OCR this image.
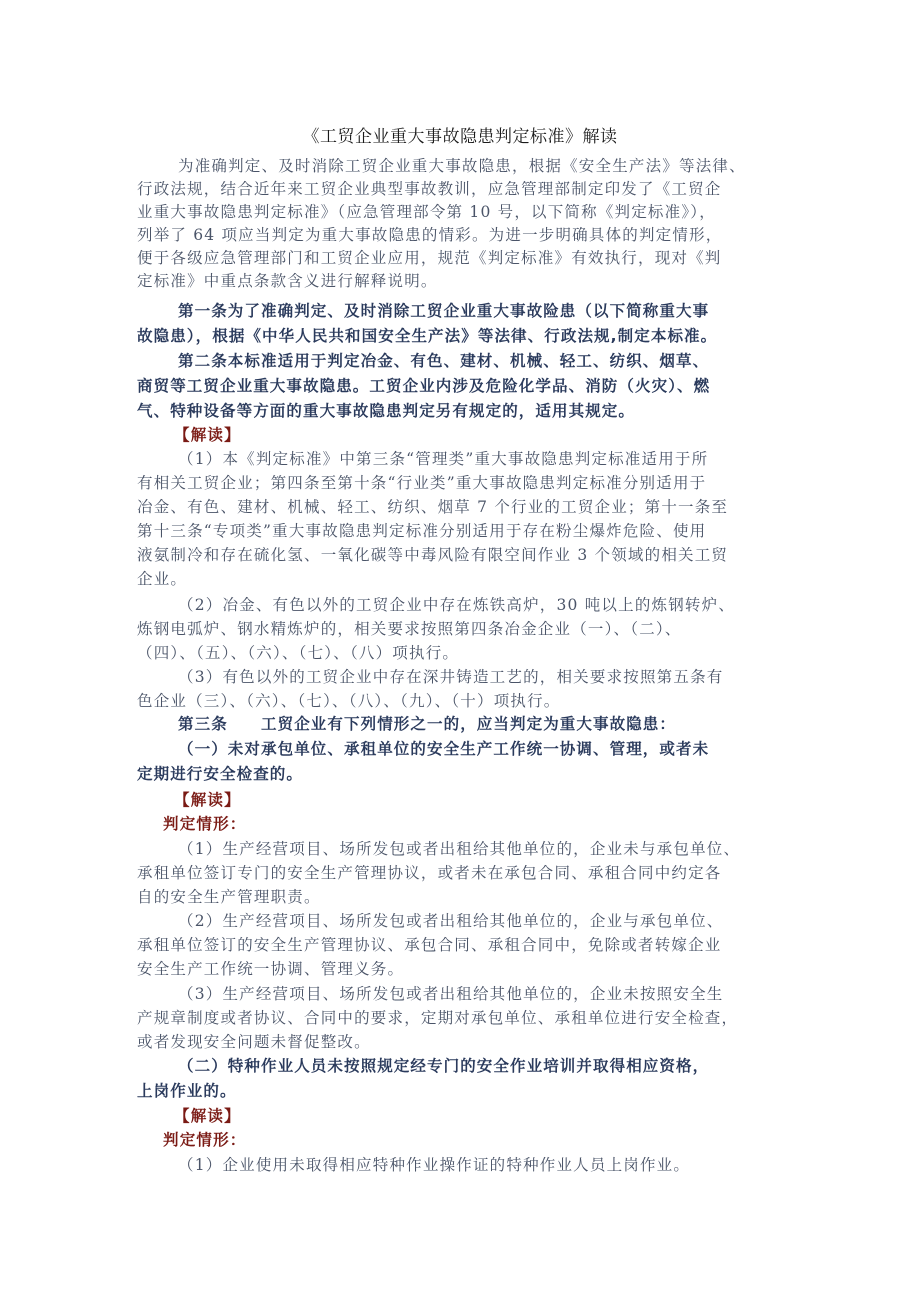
《工贸企业重大事故隐患判定标准》解读
为准确判定、及时消除工贸企业重大事故隐患，根据《安全生产法》等法律、
行政法规，结合近年来工贸企业典型事故教训，应急管理部制定印发了《工贸企
业重大事故隐患判定标准》（应急管理部令第 10 号，以下简称《判定标准》），
列举了 64 项应当判定为重大事故隐患的情彩。为进一步明确具体的判定情形，
便于各级应急管理部门和工贸企业应用，规范《判定标准》有效执行，现对《判
定标准》中重点条款含义进行解释说明。
第一条为了准确判定、及时消除工贸企业重大事故险患（以下简称重大事
故隐患），根据《中华人民共和国安全生产法》等法律、行政法规,制定本标准。
第二条本标准适用于判定冶金、有色、建材、机械、轻工、纺织、烟草、
商贸等工贸企业重大事故隐患。工贸企业内涉及危险化学品、消防（火灾）、燃
气、特种设备等方面的重大事故隐患判定另有规定的，适用其规定。
【解读】
（1）本《判定标准》中第三条“管理类”重大事故隐患判定标准适用于所
有相关工贸企业；第四条至第十条“行业类”重大事故隐患判定标准分别适用于
冶金、有色、建材、机械、轻工、纺织、烟草 7 个行业的工贸企业；第十一条至
第十三条“专项类”重大事故隐患判定标准分别适用于存在粉尘爆炸危险、使用
液氨制冷和存在硫化氢、一氧化碳等中毒风险有限空间作业 3 个领域的相关工贸
企业。
（2）冶金、有色以外的工贸企业中存在炼铁高炉，30 吨以上的炼钢转炉、
炼钢电弧炉、钢水精炼炉的，相关要求按照第四条冶金企业（一）、（二）、
（四）、（五）、（六）、（七）、（八）项执行。
（3）有色以外的工贸企业中存在深井铸造工艺的，相关要求按照第五条有
色企业（三）、（六）、（七）、（八）、（九）、（十）项执行。
第三条　　工贸企业有下列情形之一的，应当判定为重大事故隐患：
（一）未对承包单位、承租单位的安全生产工作统一协调、管理，或者未
定期进行安全检查的。
【解读】
判定情形：
（1）生产经营项目、场所发包或者出租给其他单位的，企业未与承包单位、
承租单位签订专门的安全生产管理协议，或者未在承包合同、承租合同中约定各
自的安全生产管理职责。
（2）生产经营项目、场所发包或者出租给其他单位的，企业与承包单位、
承租单位签订的安全生产管理协议、承包合同、承租合同中，免除或者转嫁企业
安全生产工作统一协调、管理义务。
（3）生产经营项目、场所发包或者出租给其他单位的，企业未按照安全生
产规章制度或者协议、合同中的要求，定期对承包单位、承租单位进行安全检查，
或者发现安全问题未督促整改。
（二）特种作业人员未按照规定经专门的安全作业培训并取得相应资格，
上岗作业的。
【解读】
判定情形：
（1）企业使用未取得相应特种作业操作证的特种作业人员上岗作业。
